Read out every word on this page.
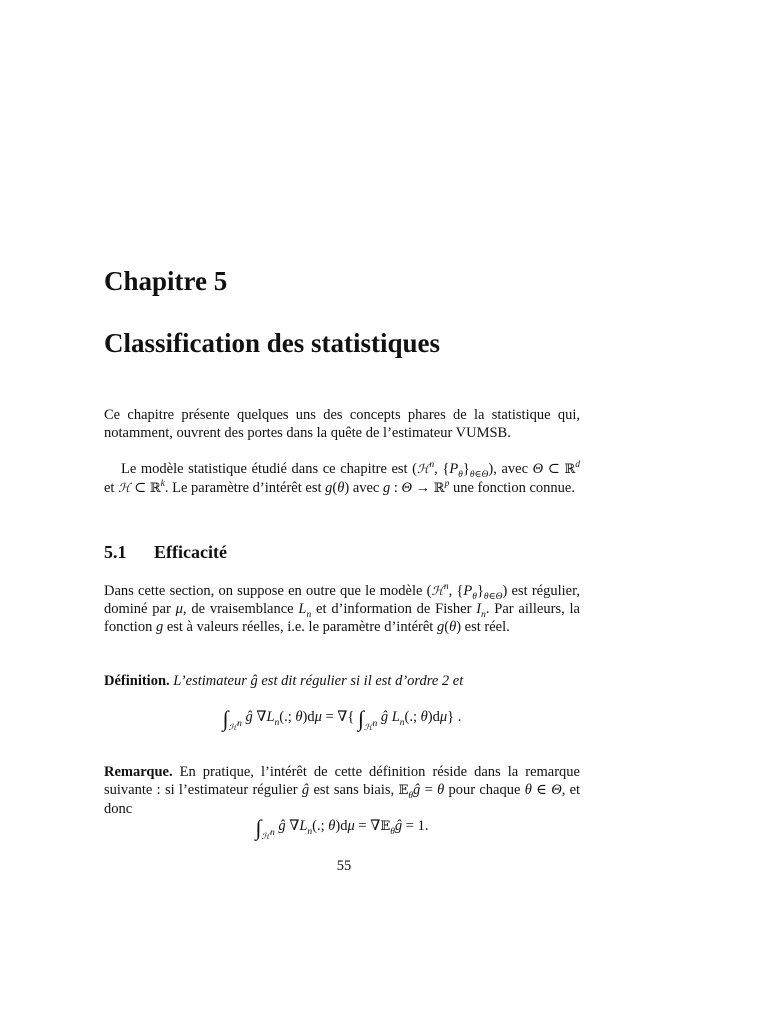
Chapitre 5
Classification des statistiques
Ce chapitre présente quelques uns des concepts phares de la statistique qui, notamment, ouvrent des portes dans la quête de l’estimateur VUMSB.
Le modèle statistique étudié dans ce chapitre est (ℋ$^n$, $\{P_\theta\}_{\theta\in\Theta}$), avec Θ ⊂ ℝ$^d$ et ℋ ⊂ ℝ$^k$. Le paramètre d’intérêt est g(θ) avec g : Θ → ℝ$^p$ une fonction connue.
5.1 Efficacité
Dans cette section, on suppose en outre que le modèle (ℋ$^n$, $\{P_\theta\}_{\theta\in\Theta}$) est régulier, dominé par μ, de vraisemblance $L_n$ et d’information de Fisher $I_n$. Par ailleurs, la fonction g est à valeurs réelles, i.e. le paramètre d’intérêt g(θ) est réel.
Définition. L’estimateur ĝ est dit régulier si il est d’ordre 2 et
$\int_{ℋ^n}$ ĝ $\nabla L_n$(.; θ)dμ = ∇{ $\int_{ℋ^n}$ ĝ $L_n$(.; θ)dμ} .
Remarque. En pratique, l’intérêt de cette définition réside dans la remarque suivante : si l’estimateur régulier ĝ est sans biais, 𝔼$_\theta$ĝ = θ pour chaque θ ∈ Θ, et donc
$\int_{ℋ^n}$ ĝ $\nabla L_n$(.; θ)dμ = ∇𝔼$_\theta$ĝ = 1.
55
